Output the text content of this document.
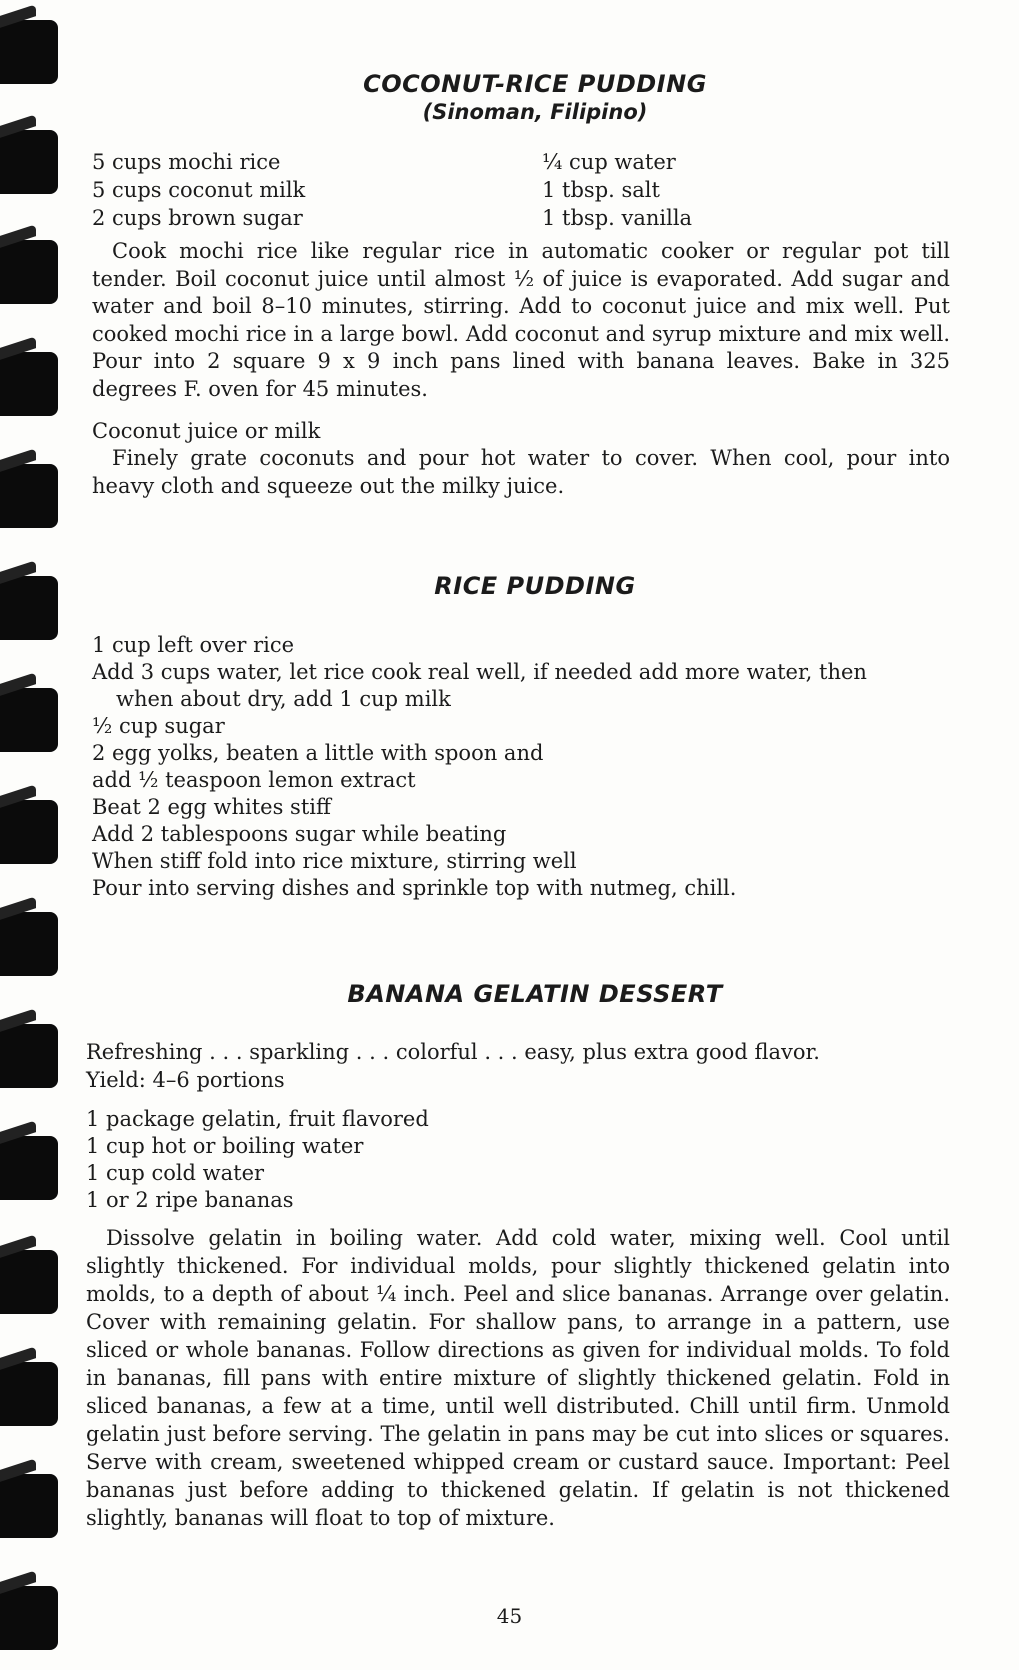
COCONUT-RICE PUDDING
(Sinoman, Filipino)
5 cups mochi rice
5 cups coconut milk
2 cups brown sugar
¼ cup water
1 tbsp. salt
1 tbsp. vanilla

Cook mochi rice like regular rice in automatic cooker or regular pot till tender. Boil coconut juice until almost ½ of juice is evaporated. Add sugar and water and boil 8–10 minutes, stirring. Add to coconut juice and mix well. Put cooked mochi rice in a large bowl. Add coconut and syrup mixture and mix well. Pour into 2 square 9 x 9 inch pans lined with banana leaves. Bake in 325 degrees F. oven for 45 minutes.

Coconut juice or milk

Finely grate coconuts and pour hot water to cover. When cool, pour into heavy cloth and squeeze out the milky juice.

RICE PUDDING
1 cup left over rice
Add 3 cups water, let rice cook real well, if needed add more water, then
when about dry, add 1 cup milk
½ cup sugar
2 egg yolks, beaten a little with spoon and
add ½ teaspoon lemon extract
Beat 2 egg whites stiff
Add 2 tablespoons sugar while beating
When stiff fold into rice mixture, stirring well
Pour into serving dishes and sprinkle top with nutmeg, chill.
BANANA GELATIN DESSERT
Refreshing . . . sparkling . . . colorful . . . easy, plus extra good flavor.
Yield: 4–6 portions
1 package gelatin, fruit flavored
1 cup hot or boiling water
1 cup cold water
1 or 2 ripe bananas

Dissolve gelatin in boiling water. Add cold water, mixing well. Cool until slightly thickened. For individual molds, pour slightly thickened gelatin into molds, to a depth of about ¼ inch. Peel and slice bananas. Arrange over gelatin. Cover with remaining gelatin. For shallow pans, to arrange in a pattern, use sliced or whole bananas. Follow directions as given for individual molds. To fold in bananas, fill pans with entire mixture of slightly thickened gelatin. Fold in sliced bananas, a few at a time, until well distributed. Chill until firm. Unmold gelatin just before serving. The gelatin in pans may be cut into slices or squares. Serve with cream, sweetened whipped cream or custard sauce. Important: Peel bananas just before adding to thickened gelatin. If gelatin is not thickened slightly, bananas will float to top of mixture.

45
